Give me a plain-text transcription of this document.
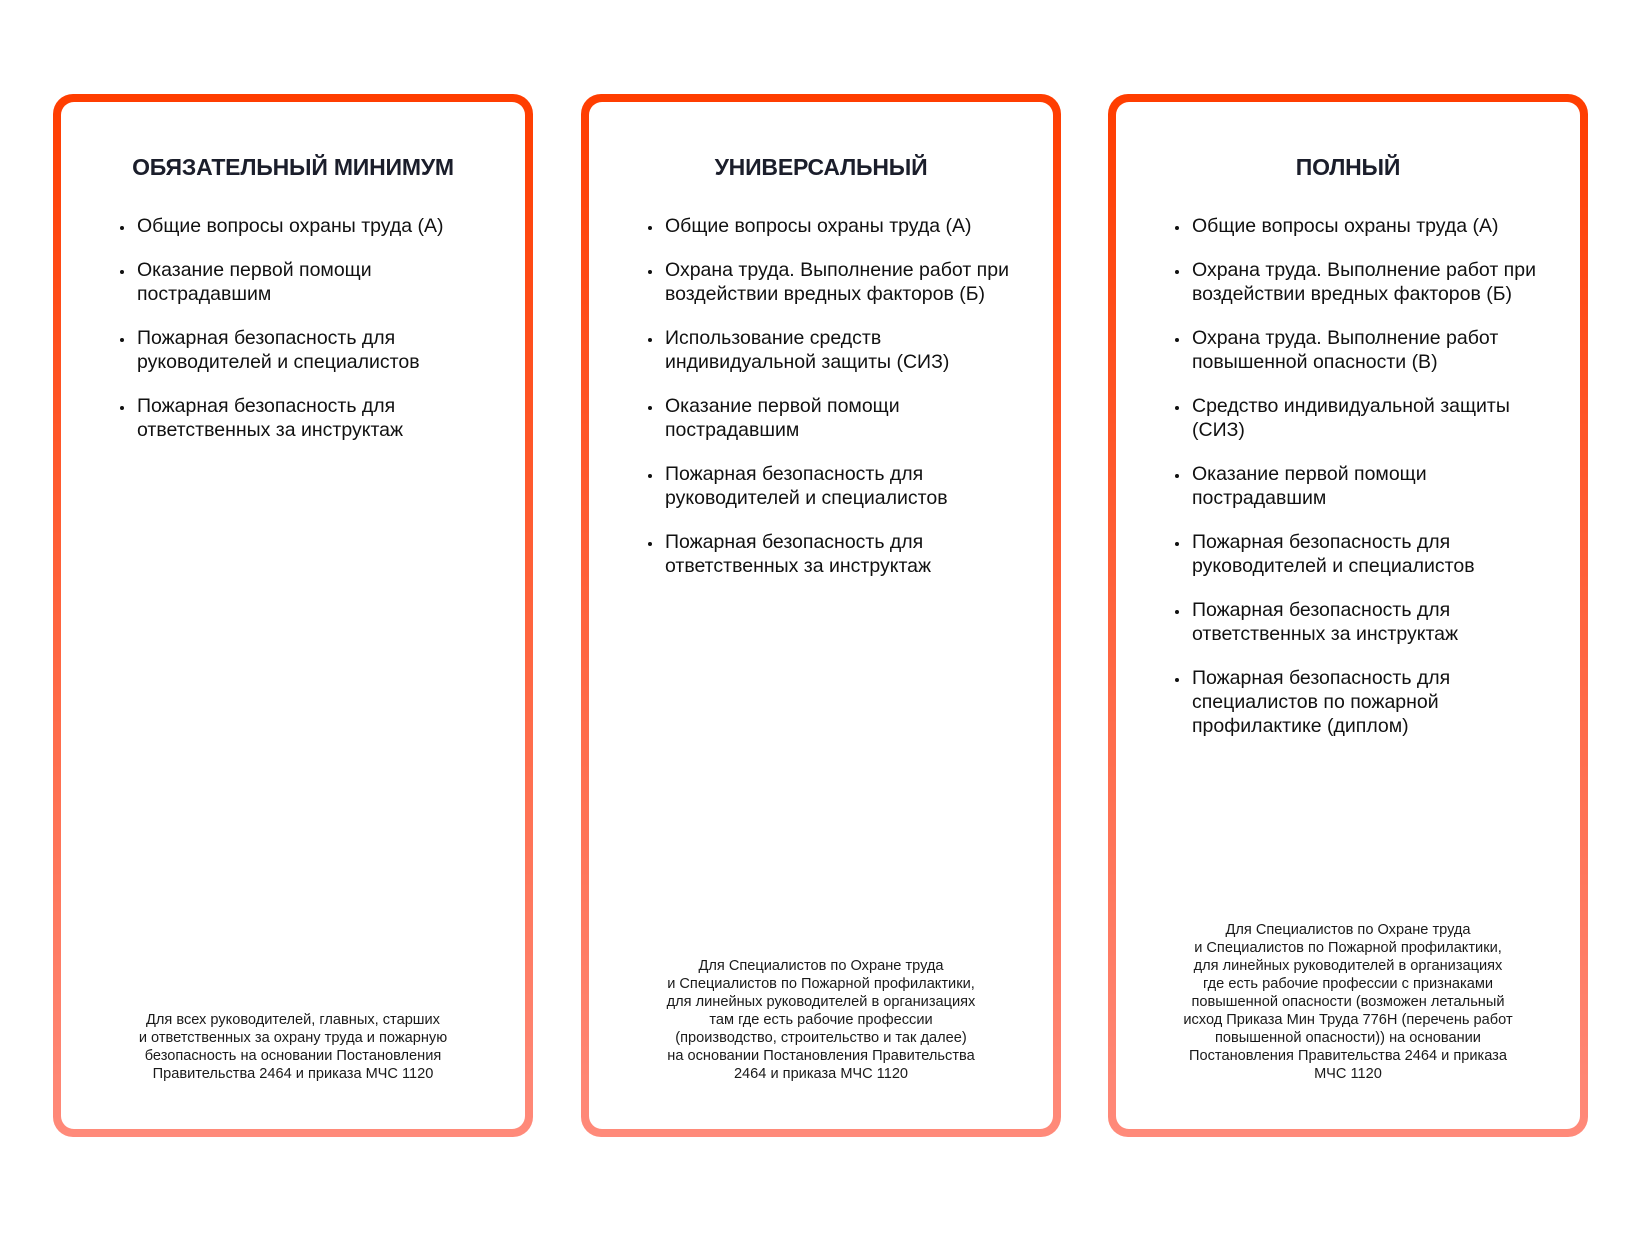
ОБЯЗАТЕЛЬНЫЙ МИНИМУМ
• Общие вопросы охраны труда (А)
• Оказание первой помощи пострадавшим
• Пожарная безопасность для руководителей и специалистов
• Пожарная безопасность для ответственных за инструктаж

Для всех руководителей, главных, старших
и ответственных за охрану труда и пожарную
безопасность на основании Постановления
Правительства 2464 и приказа МЧС 1120

УНИВЕРСАЛЬНЫЙ
• Общие вопросы охраны труда (А)
• Охрана труда. Выполнение работ при воздействии вредных факторов (Б)
• Использование средств индивидуальной защиты (СИЗ)
• Оказание первой помощи пострадавшим
• Пожарная безопасность для руководителей и специалистов
• Пожарная безопасность для ответственных за инструктаж

Для Специалистов по Охране труда
и Специалистов по Пожарной профилактики,
для линейных руководителей в организациях
там где есть рабочие профессии
(производство, строительство и так далее)
на основании Постановления Правительства
2464 и приказа МЧС 1120

ПОЛНЫЙ
• Общие вопросы охраны труда (А)
• Охрана труда. Выполнение работ при воздействии вредных факторов (Б)
• Охрана труда. Выполнение работ повышенной опасности (В)
• Средство индивидуальной защиты (СИЗ)
• Оказание первой помощи пострадавшим
• Пожарная безопасность для руководителей и специалистов
• Пожарная безопасность для ответственных за инструктаж
• Пожарная безопасность для специалистов по пожарной профилактике (диплом)

Для Специалистов по Охране труда
и Специалистов по Пожарной профилактики,
для линейных руководителей в организациях
где есть рабочие профессии с признаками
повышенной опасности (возможен летальный
исход Приказа Мин Труда 776Н (перечень работ
повышенной опасности)) на основании
Постановления Правительства 2464 и приказа
МЧС 1120
